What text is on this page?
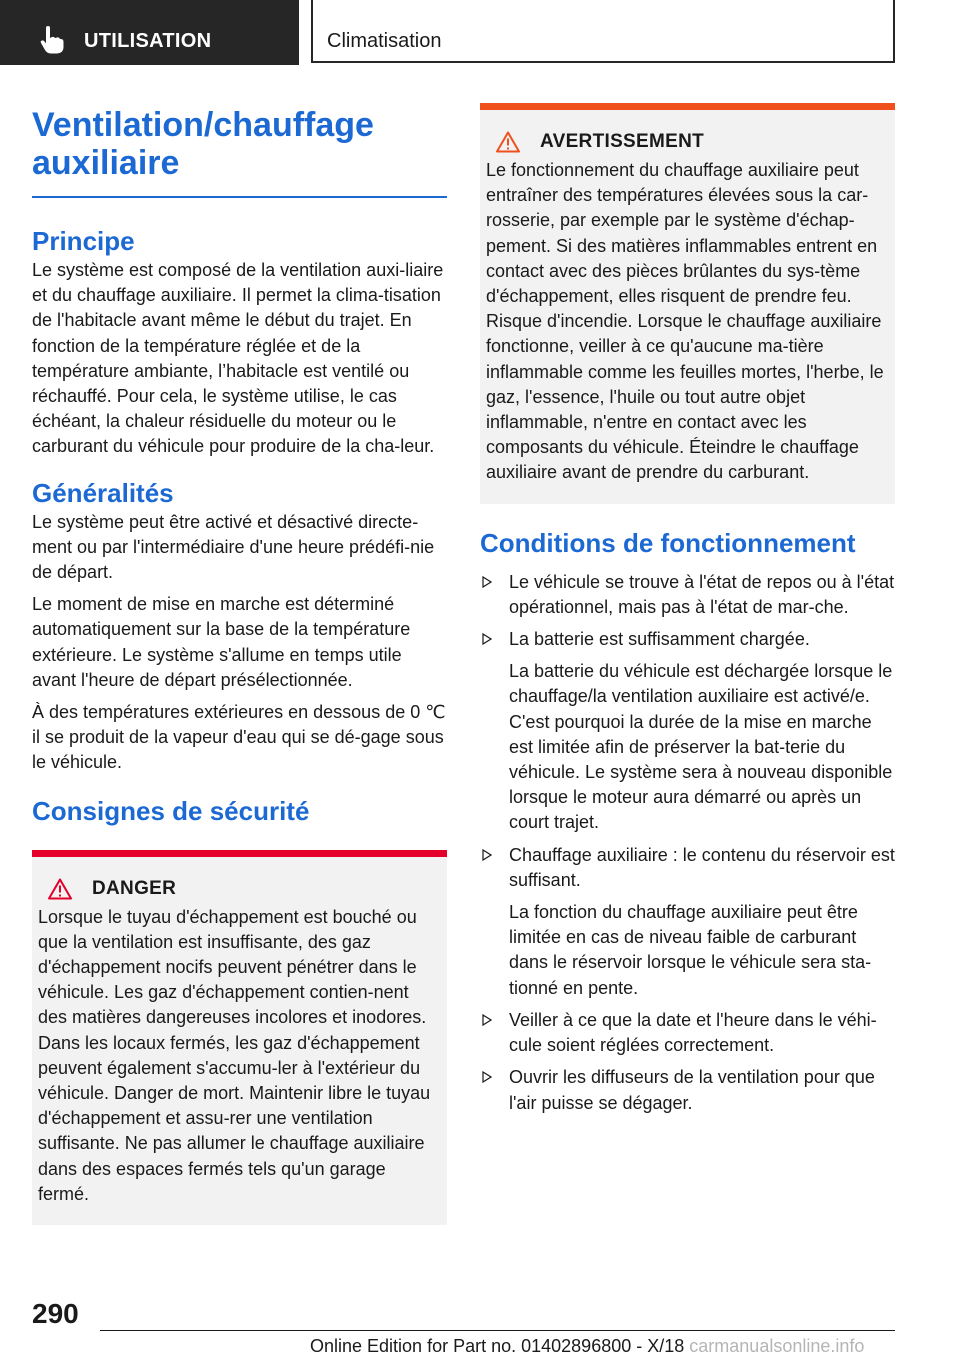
UTILISATION	Climatisation
Ventilation/chauffage auxiliaire
Principe

Le système est composé de la ventilation auxi-liaire et du chauffage auxiliaire. Il permet la clima-tisation de l'habitacle avant même le début du trajet. En fonction de la température réglée et de la température ambiante, l’habitacle est ventilé ou réchauffé. Pour cela, le système utilise, le cas échéant, la chaleur résiduelle du moteur ou le carburant du véhicule pour produire de la cha-leur.

Généralités

Le système peut être activé et désactivé directe-ment ou par l'intermédiaire d'une heure prédéfi-nie de départ.

Le moment de mise en marche est déterminé automatiquement sur la base de la température extérieure. Le système s'allume en temps utile avant l'heure de départ présélectionnée.

À des températures extérieures en dessous de 0 ℃ il se produit de la vapeur d'eau qui se dé-gage sous le véhicule.

Consignes de sécurité
DANGER

Lorsque le tuyau d'échappement est bouché ou que la ventilation est insuffisante, des gaz d'échappement nocifs peuvent pénétrer dans le véhicule. Les gaz d'échappement contien-nent des matières dangereuses incolores et inodores. Dans les locaux fermés, les gaz d'échappement peuvent également s'accumu-ler à l'extérieur du véhicule. Danger de mort. Maintenir libre le tuyau d'échappement et assu-rer une ventilation suffisante. Ne pas allumer le chauffage auxiliaire dans des espaces fermés tels qu'un garage fermé.

AVERTISSEMENT

Le fonctionnement du chauffage auxiliaire peut entraîner des températures élevées sous la car-rosserie, par exemple par le système d'échap-pement. Si des matières inflammables entrent en contact avec des pièces brûlantes du sys-tème d'échappement, elles risquent de prendre feu. Risque d'incendie. Lorsque le chauffage auxiliaire fonctionne, veiller à ce qu'aucune ma-tière inflammable comme les feuilles mortes, l'herbe, le gaz, l'essence, l'huile ou tout autre objet inflammable, n'entre en contact avec les composants du véhicule. Éteindre le chauffage auxiliaire avant de prendre du carburant.

Conditions de fonctionnement

Le véhicule se trouve à l'état de repos ou à l'état opérationnel, mais pas à l'état de mar-che.

La batterie est suffisamment chargée.

La batterie du véhicule est déchargée lorsque le chauffage/la ventilation auxiliaire est activé/e. C'est pourquoi la durée de la mise en marche est limitée afin de préserver la bat-terie du véhicule. Le système sera à nouveau disponible lorsque le moteur aura démarré ou après un court trajet.

Chauffage auxiliaire : le contenu du réservoir est suffisant.

La fonction du chauffage auxiliaire peut être limitée en cas de niveau faible de carburant dans le réservoir lorsque le véhicule sera sta-tionné en pente.

Veiller à ce que la date et l'heure dans le véhi-cule soient réglées correctement.

Ouvrir les diffuseurs de la ventilation pour que l'air puisse se dégager.

290
Online Edition for Part no. 01402896800 - X/18 carmanualsonline.info
